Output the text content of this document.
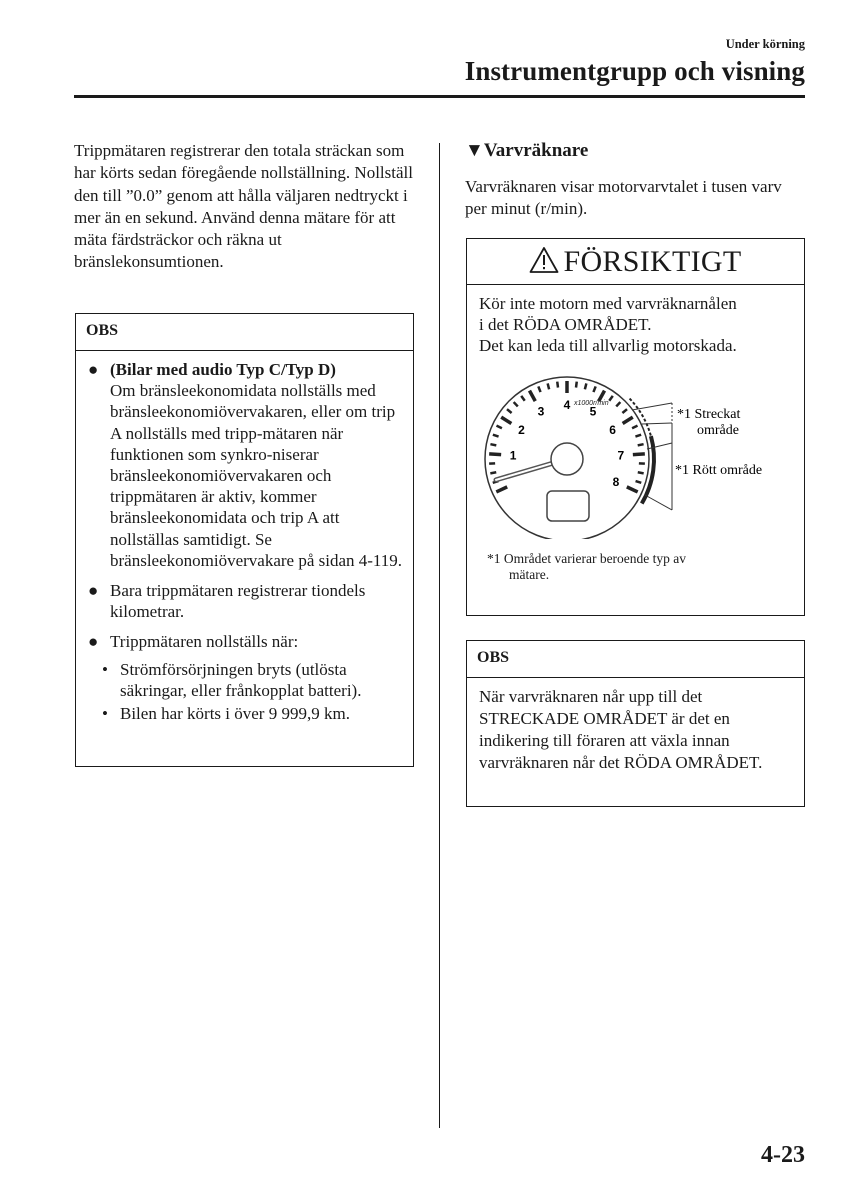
Under körning
Instrumentgrupp och visning
Trippmätaren registrerar den totala sträckan som har körts sedan föregående nollställning. Nollställ den till ”0.0” genom att hålla väljaren nedtryckt i mer än en sekund. Använd denna mätare för att mäta färdsträckor och räkna ut bränslekonsumtionen.
OBS
● (Bilar med audio Typ C/Typ D)
Om bränsleekonomidata nollställs med bränsleekonomiövervakaren, eller om trip A nollställs med tripp-mätaren när funktionen som synkro-niserar bränsleekonomiövervakaren och trippmätaren är aktiv, kommer bränsleekonomidata och trip A att nollställas samtidigt. Se bränsleekonomiövervakare på sidan 4-119.
● Bara trippmätaren registrerar tiondels kilometrar.
● Trippmätaren nollställs när:
• Strömförsörjningen bryts (utlösta säkringar, eller frånkopplat batteri).
• Bilen har körts i över 9 999,9 km.
▼Varvräknare
Varvräknaren visar motorvarvtalet i tusen varv per minut (r/min).
FÖRSIKTIGT
Kör inte motorn med varvräknarnålen
i det RÖDA OMRÅDET.
Det kan leda till allvarlig motorskada.
1
2
3 4 5
6
7
8
x1000r/min
*1 Streckat
område
*1 Rött område
*1 Området varierar beroende typ av
mätare.
OBS
När varvräknaren når upp till det STRECKADE OMRÅDET är det en indikering till föraren att växla innan varvräknaren når det RÖDA OMRÅDET.
4-23
